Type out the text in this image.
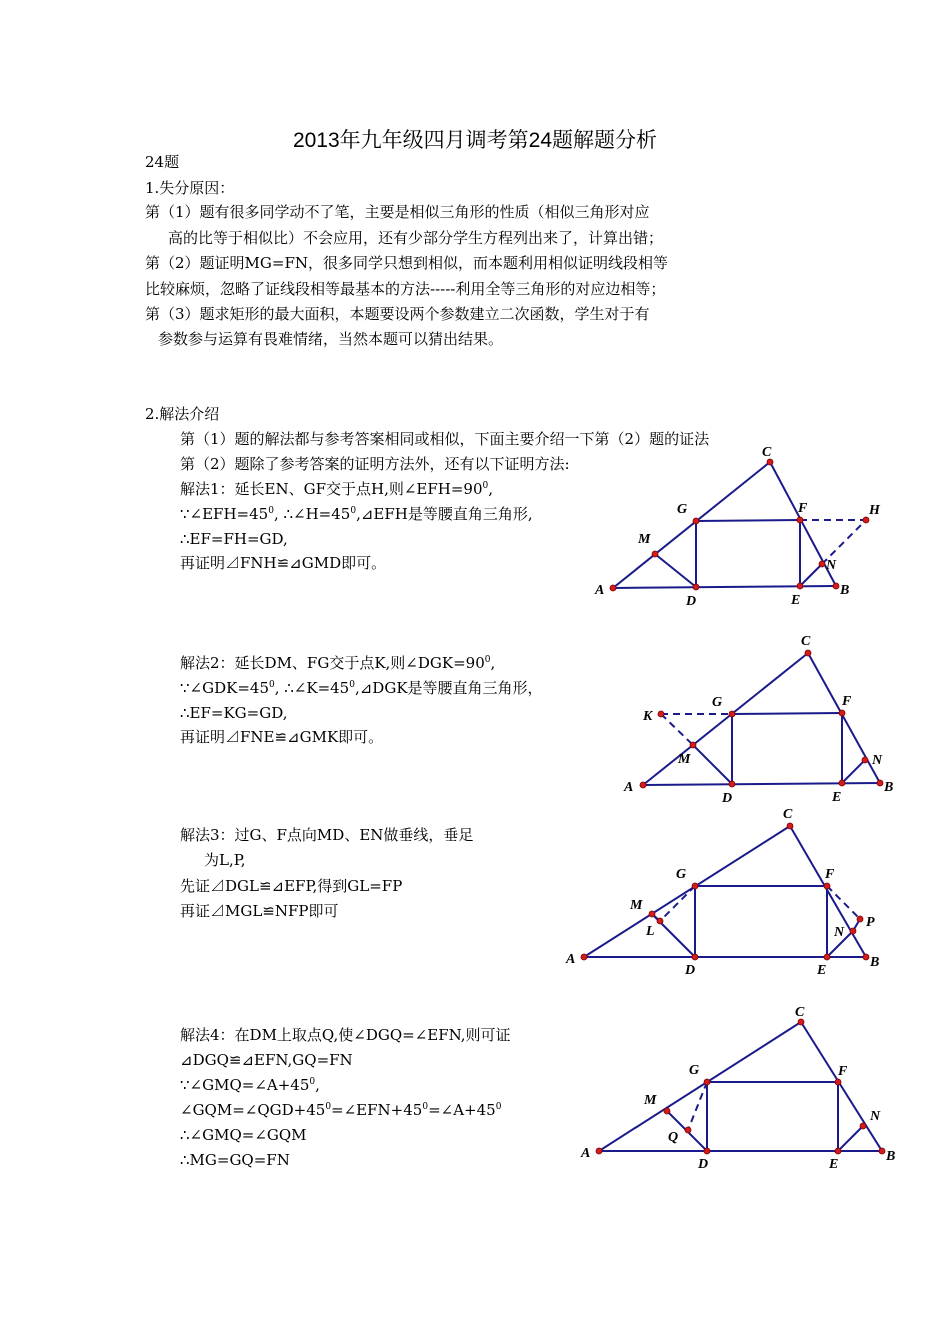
2013年九年级四月调考第24题解题分析
24题
1.失分原因：
第（1）题有很多同学动不了笔，主要是相似三角形的性质（相似三角形对应
高的比等于相似比）不会应用，还有少部分学生方程列出来了，计算出错；
第（2）题证明MG=FN，很多同学只想到相似，而本题利用相似证明线段相等
比较麻烦，忽略了证线段相等最基本的方法-----利用全等三角形的对应边相等；
第（3）题求矩形的最大面积，本题要设两个参数建立二次函数，学生对于有
参数参与运算有畏难情绪，当然本题可以猜出结果。
2.解法介绍
第（1）题的解法都与参考答案相同或相似，下面主要介绍一下第（2）题的证法
第（2）题除了参考答案的证明方法外，还有以下证明方法:
解法1：延长EN、GF交于点H,则$\angle EFH=90^0$,
$\because\angle EFH=45^0$, $\therefore\angle H=45^0,⊿EFH$是等腰直角三角形,
∴EF=FH=GD,
再证明⊿FNH≌⊿GMD即可。
解法2：延长DM、FG交于点K,则$\angle DGK=90^0$,
$\because\angle GDK=45^0$, $\therefore\angle K=45^0,⊿DGK$是等腰直角三角形，
∴EF=KG=GD,
再证明⊿FNE≌⊿GMK即可。
解法3：过G、F点向MD、EN做垂线，垂足
为L,P,
先证⊿DGL≌⊿EFP,得到GL=FP
再证⊿MGL≌NFP即可
解法4：在DM上取点Q,使∠DGQ=∠EFN,则可证
⊿DGQ≌⊿EFN,GQ=FN
$\because\angle GMQ=\angle A+45^0$,
$\angle GQM=\angle QGD+45^0=\angle EFN+45^0=\angle A+45^0$
∴∠GMQ=∠GQM
∴MG=GQ=FN
C
G	F	H
M
N
A
D	E
B
C
G	F
K
M	N
A
D	E
B
C
G	F
M
P
L	N
A
D	E
B
C
G	F
M
N
Q
A
D	E
B
